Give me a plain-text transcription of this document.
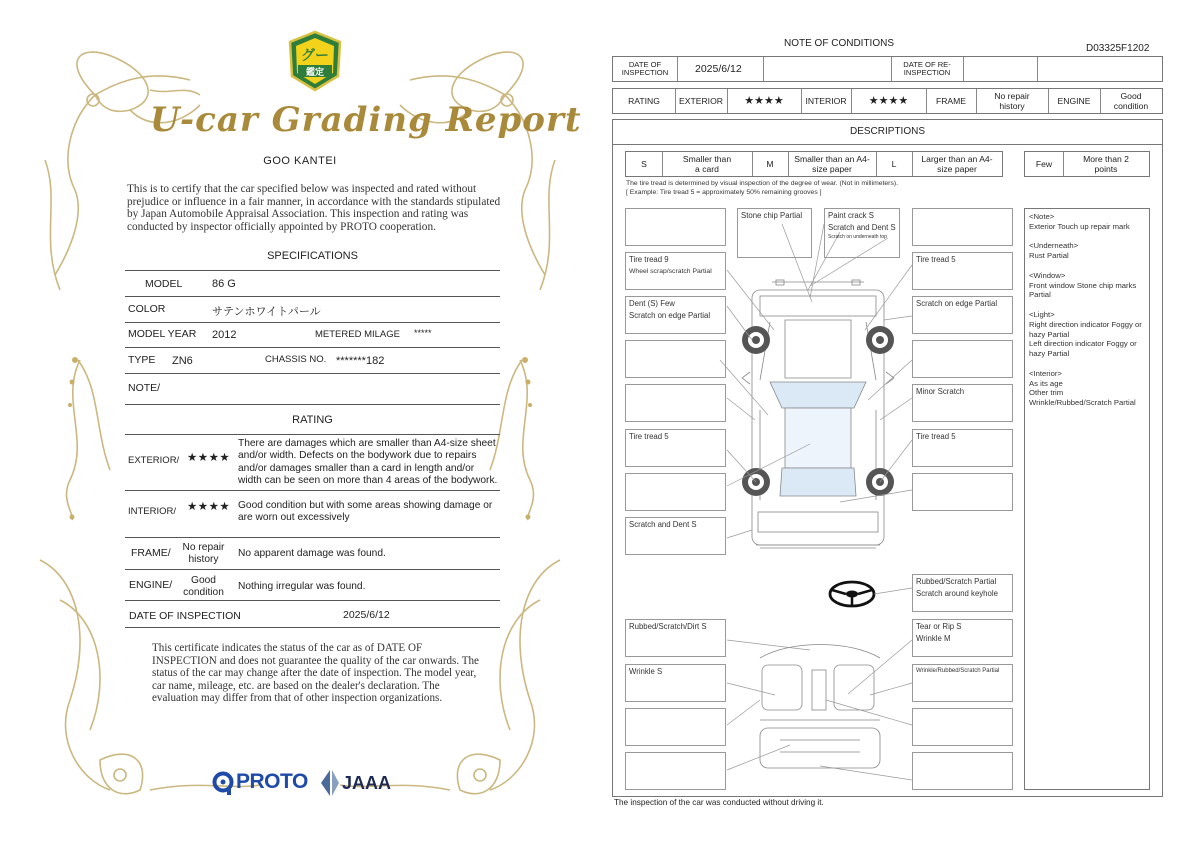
グー
鑑定
U-car Grading Report
GOO KANTEI
This is to certify that the car specified below was inspected and rated without prejudice or influence in a fair manner, in accordance with the standards stipulated by Japan Automobile Appraisal Association. This inspection and rating was conducted by inspector officially appointed by PROTO cooperation.
SPECIFICATIONS
MODEL	86 G
COLOR	サテンホワイトパール
MODEL YEAR 2012	METERED MILAGE *****
TYPE ZN6	CHASSIS NO. *******182
NOTE/
RATING
EXTERIOR/ ★★★★
There are damages which are smaller than A4-size sheet and/or width. Defects on the bodywork due to repairs and/or damages smaller than a card in length and/or width can be seen on more than 4 areas of the bodywork.
INTERIOR/ ★★★★ Good condition but with some areas showing damage or are worn out excessively
FRAME/	No repair history
No apparent damage was found.
ENGINE/	Good condition
Nothing irregular was found.
DATE OF INSPECTION	2025/6/12
This certificate indicates the status of the car as of DATE OF INSPECTION and does not guarantee the quality of the car onwards. The status of the car may change after the date of inspection. The model year, car name, mileage, etc. are based on the dealer's declaration. The evaluation may differ from that of other inspection organizations.
PROTO JAAA
NOTE OF CONDITIONS	D03325F1202
DATE OF INSPECTION	2025/6/12	DATE OF RE-INSPECTION
RATING	EXTERIOR	★★★★	INTERIOR	★★★★	FRAME	No repair history	ENGINE	Good condition
DESCRIPTIONS
S	Smaller than a card	M	Smaller than an A4-size paper	L	Larger than an A4-size paper	Few	More than 2 points
The tire tread is determined by visual inspection of the degree of wear. (Not in millimeters).
[ Example: Tire tread 5 = approximately 50% remaining grooves ]
Tire tread 9
Wheel scrap/scratch Partial
Dent (S) Few
Scratch on edge Partial
Tire tread 5
Scratch and Dent S
Rubbed/Scratch/Dirt S
Wrinkle S
Stone chip Partial	Paint crack S
Scratch and Dent S
Scratch on underneath top
Tire tread 5
Scratch on edge Partial
Minor Scratch
Tire tread 5
Rubbed/Scratch Partial
Scratch around keyhole
Tear or Rip S
Wrinkle M
Wrinkle/Rubbed/Scratch Partial
<Note>
Exterior Touch up repair mark
<Underneath>
Rust Partial
<Window>
Front window Stone chip marks Partial
<Light>
Right direction indicator Foggy or hazy Partial
Left direction indicator Foggy or hazy Partial
<Interior>
As its age
Other trim
Wrinkle/Rubbed/Scratch Partial
The inspection of the car was conducted without driving it.
